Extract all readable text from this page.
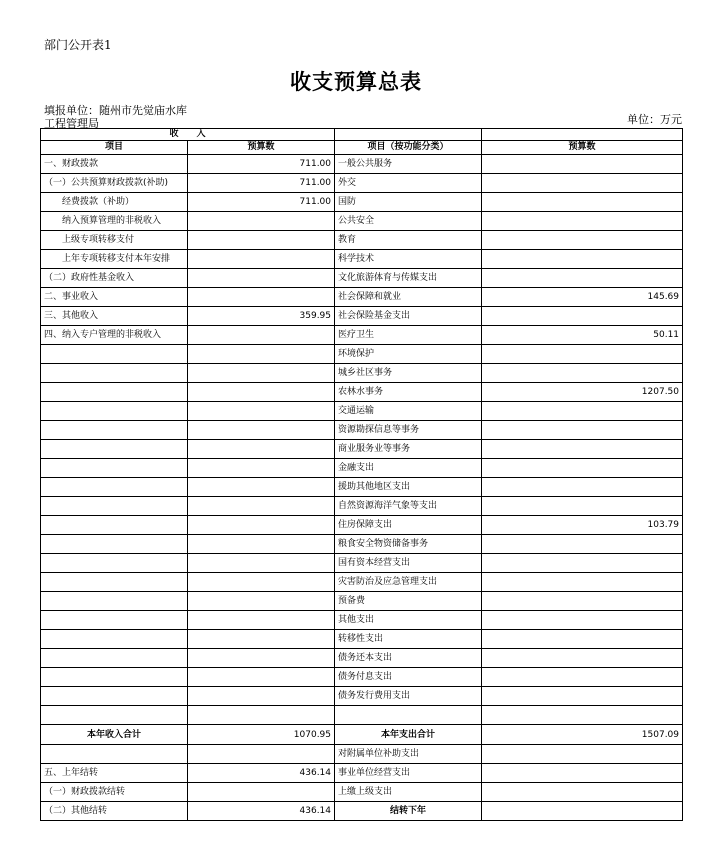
部门公开表1
收支预算总表
填报单位：随州市先觉庙水库工程管理局	单位：万元
收　　入			
项目	预算数	项目（按功能分类）	预算数
一、财政拨款	711.00	一般公共服务	
（一）公共预算财政拨款(补助)	711.00	外交	
　　经费拨款（补助）	711.00	国防	
　　纳入预算管理的非税收入		公共安全	
　　上级专项转移支付		教育	
　　上年专项转移支付本年安排		科学技术	
（二）政府性基金收入		文化旅游体育与传媒支出	
二、事业收入		社会保障和就业	145.69
三、其他收入	359.95	社会保险基金支出	
四、纳入专户管理的非税收入		医疗卫生	50.11
		环境保护	
		城乡社区事务	
		农林水事务	1207.50
		交通运输	
		资源勘探信息等事务	
		商业服务业等事务	
		金融支出	
		援助其他地区支出	
		自然资源海洋气象等支出	
		住房保障支出	103.79
		粮食安全物资储备事务	
		国有资本经营支出	
		灾害防治及应急管理支出	
		预备费	
		其他支出	
		转移性支出	
		债务还本支出	
		债务付息支出	
		债务发行费用支出	

本年收入合计	1070.95	本年支出合计	1507.09
		对附属单位补助支出	
五、上年结转	436.14	事业单位经营支出	
（一）财政拨款结转		上缴上级支出	
（二）其他结转	436.14	结转下年	
